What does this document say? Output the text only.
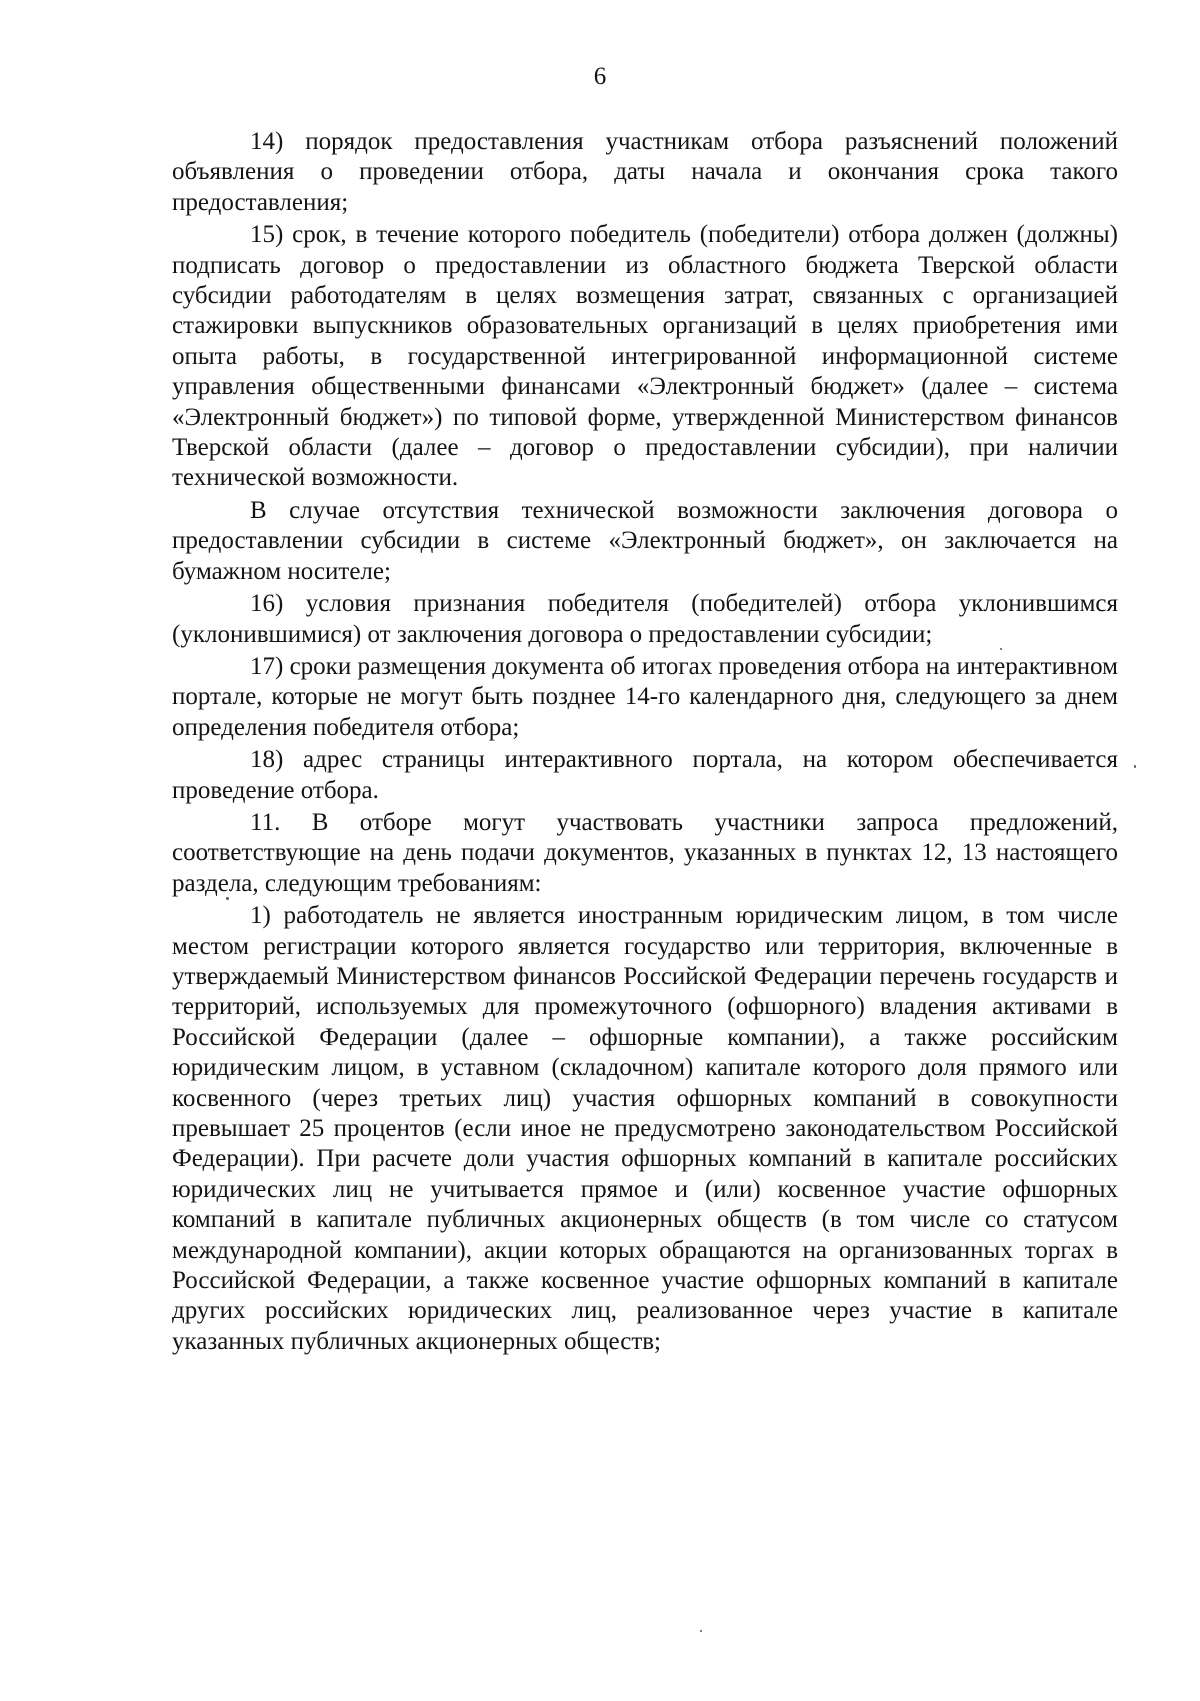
6

14) порядок предоставления участникам отбора разъяснений положений объявления о проведении отбора, даты начала и окончания срока такого предоставления;

15) срок, в течение которого победитель (победители) отбора должен (должны) подписать договор о предоставлении из областного бюджета Тверской области субсидии работодателям в целях возмещения затрат, связанных с организацией стажировки выпускников образовательных организаций в целях приобретения ими опыта работы, в государственной интегрированной информационной системе управления общественными финансами «Электронный бюджет» (далее – система «Электронный бюджет») по типовой форме, утвержденной Министерством финансов Тверской области (далее – договор о предоставлении субсидии), при наличии технической возможности.

В случае отсутствия технической возможности заключения договора о предоставлении субсидии в системе «Электронный бюджет», он заключается на бумажном носителе;

16) условия признания победителя (победителей) отбора уклонившимся (уклонившимися) от заключения договора о предоставлении субсидии;

17) сроки размещения документа об итогах проведения отбора на интерактивном портале, которые не могут быть позднее 14-го календарного дня, следующего за днем определения победителя отбора;

18) адрес страницы интерактивного портала, на котором обеспечивается проведение отбора.

11. В отборе могут участвовать участники запроса предложений, соответствующие на день подачи документов, указанных в пунктах 12, 13 настоящего раздела, следующим требованиям:

1) работодатель не является иностранным юридическим лицом, в том числе местом регистрации которого является государство или территория, включенные в утверждаемый Министерством финансов Российской Федерации перечень государств и территорий, используемых для промежуточного (офшорного) владения активами в Российской Федерации (далее – офшорные компании), а также российским юридическим лицом, в уставном (складочном) капитале которого доля прямого или косвенного (через третьих лиц) участия офшорных компаний в совокупности превышает 25 процентов (если иное не предусмотрено законодательством Российской Федерации). При расчете доли участия офшорных компаний в капитале российских юридических лиц не учитывается прямое и (или) косвенное участие офшорных компаний в капитале публичных акционерных обществ (в том числе со статусом международной компании), акции которых обращаются на организованных торгах в Российской Федерации, а также косвенное участие офшорных компаний в капитале других российских юридических лиц, реализованное через участие в капитале указанных публичных акционерных обществ;
